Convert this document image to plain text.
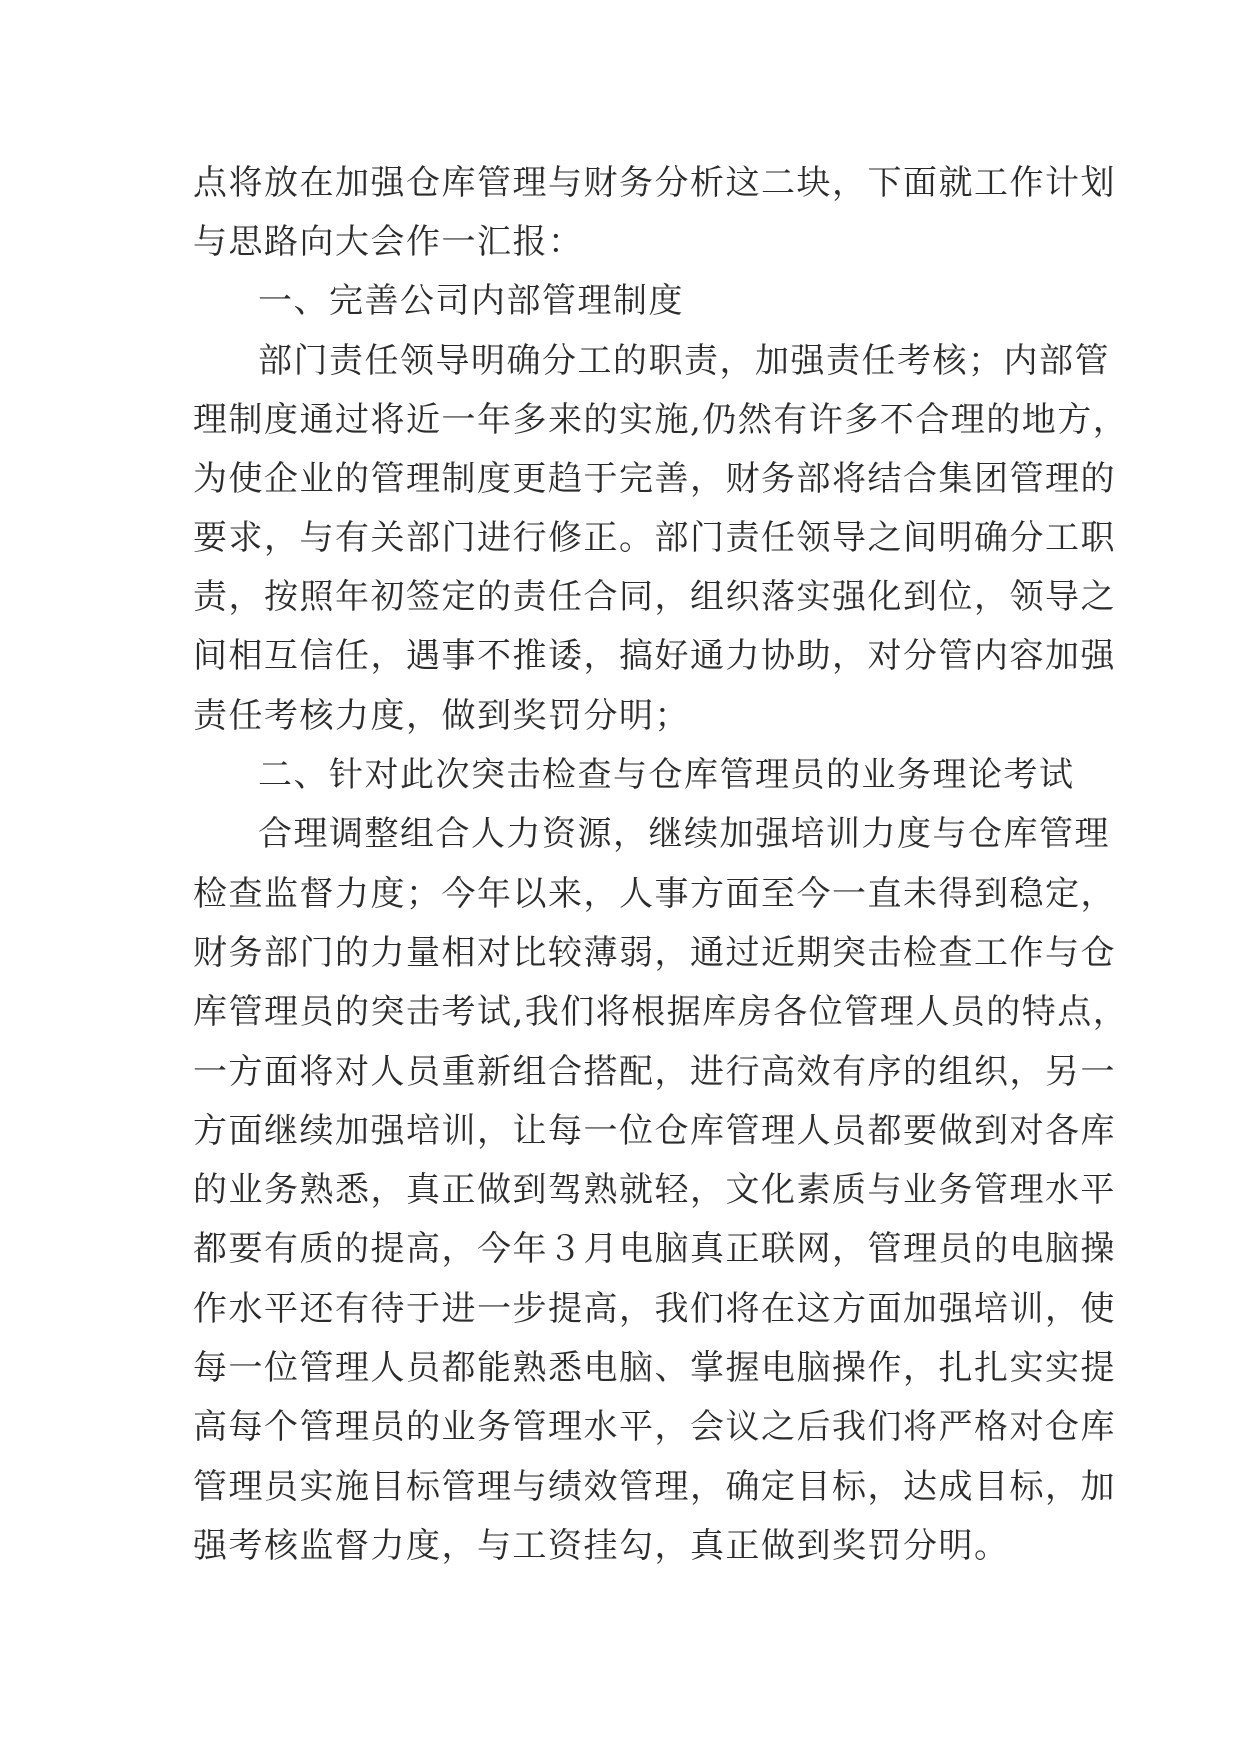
点将放在加强仓库管理与财务分析这二块，下面就工作计划
与思路向大会作一汇报：
一、完善公司内部管理制度
部门责任领导明确分工的职责，加强责任考核；内部管
理制度通过将近一年多来的实施,仍然有许多不合理的地方，
为使企业的管理制度更趋于完善，财务部将结合集团管理的
要求，与有关部门进行修正。部门责任领导之间明确分工职
责，按照年初签定的责任合同，组织落实强化到位，领导之
间相互信任，遇事不推诿，搞好通力协助，对分管内容加强
责任考核力度，做到奖罚分明；
二、针对此次突击检查与仓库管理员的业务理论考试
合理调整组合人力资源，继续加强培训力度与仓库管理
检查监督力度；今年以来，人事方面至今一直未得到稳定，
财务部门的力量相对比较薄弱，通过近期突击检查工作与仓
库管理员的突击考试,我们将根据库房各位管理人员的特点，
一方面将对人员重新组合搭配，进行高效有序的组织，另一
方面继续加强培训，让每一位仓库管理人员都要做到对各库
的业务熟悉，真正做到驾熟就轻，文化素质与业务管理水平
都要有质的提高，今年３月电脑真正联网，管理员的电脑操
作水平还有待于进一步提高，我们将在这方面加强培训，使
每一位管理人员都能熟悉电脑、掌握电脑操作，扎扎实实提
高每个管理员的业务管理水平，会议之后我们将严格对仓库
管理员实施目标管理与绩效管理，确定目标，达成目标，加
强考核监督力度，与工资挂勾，真正做到奖罚分明。
